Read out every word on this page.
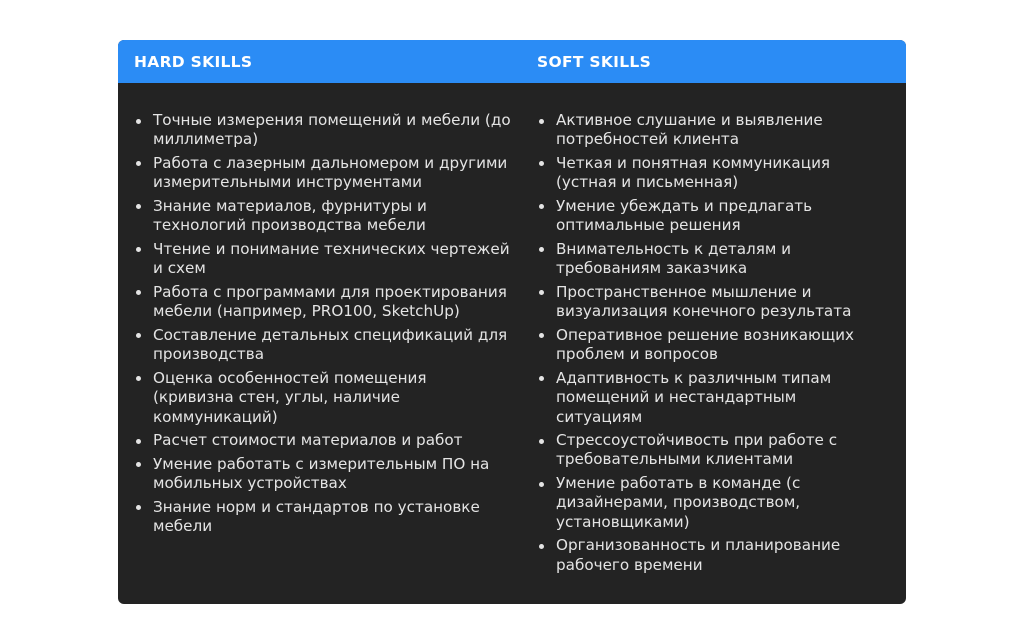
HARD SKILLS	SOFT SKILLS
Точные измерения помещений и мебели (до миллиметра)
Работа с лазерным дальномером и другими измерительными инструментами
Знание материалов, фурнитуры и технологий производства мебели
Чтение и понимание технических чертежей и схем
Работа с программами для проектирования мебели (например, PRO100, SketchUp)
Составление детальных спецификаций для производства
Оценка особенностей помещения (кривизна стен, углы, наличие коммуникаций)
Расчет стоимости материалов и работ
Умение работать с измерительным ПО на мобильных устройствах
Знание норм и стандартов по установке мебели
Активное слушание и выявление потребностей клиента
Четкая и понятная коммуникация (устная и письменная)
Умение убеждать и предлагать оптимальные решения
Внимательность к деталям и требованиям заказчика
Пространственное мышление и визуализация конечного результата
Оперативное решение возникающих проблем и вопросов
Адаптивность к различным типам помещений и нестандартным ситуациям
Стрессоустойчивость при работе с требовательными клиентами
Умение работать в команде (с дизайнерами, производством, установщиками)
Организованность и планирование рабочего времени
